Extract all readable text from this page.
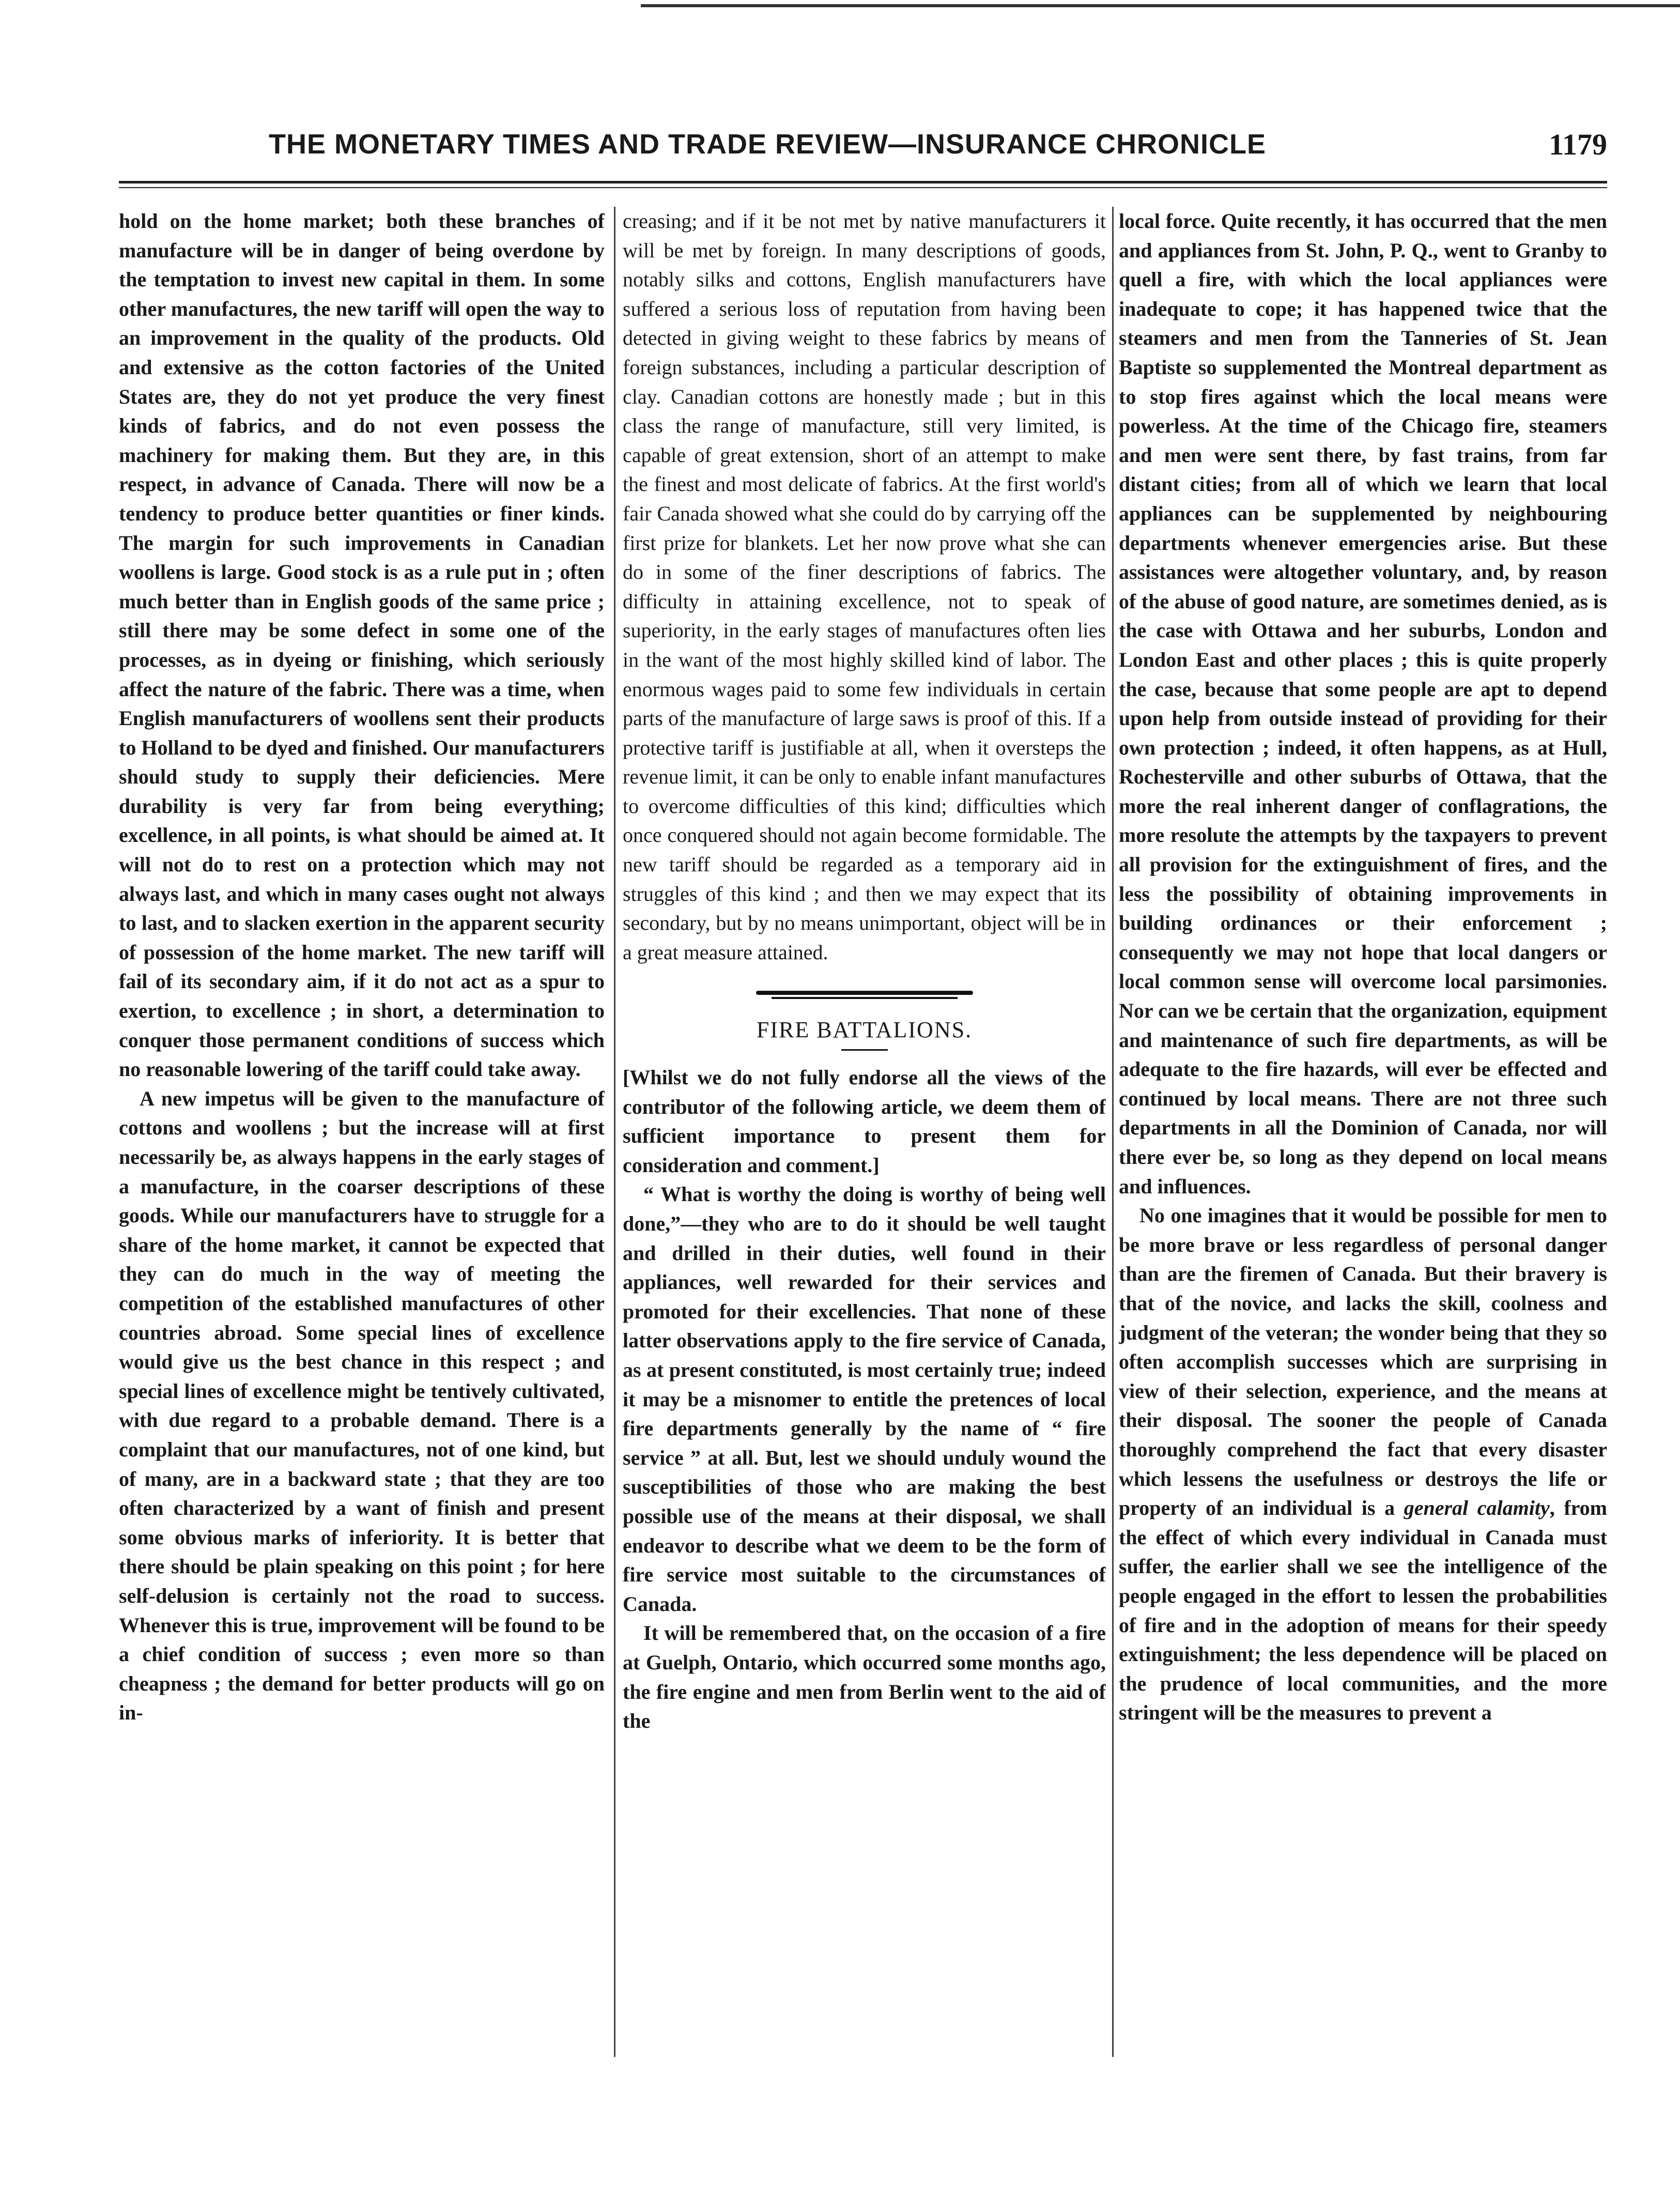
THE MONETARY TIMES AND TRADE REVIEW—INSURANCE CHRONICLE	1179

hold on the home market; both these branches of manufacture will be in danger of being overdone by the temptation to invest new capital in them. In some other manufactures, the new tariff will open the way to an improvement in the quality of the products. Old and extensive as the cotton factories of the United States are, they do not yet produce the very finest kinds of fabrics, and do not even possess the machinery for making them. But they are, in this respect, in advance of Canada. There will now be a tendency to produce better quantities or finer kinds. The margin for such improvements in Canadian woollens is large. Good stock is as a rule put in ; often much better than in English goods of the same price ; still there may be some defect in some one of the processes, as in dyeing or finishing, which seriously affect the nature of the fabric. There was a time, when English manufacturers of woollens sent their products to Holland to be dyed and finished. Our manufacturers should study to supply their deficiencies. Mere durability is very far from being everything; excellence, in all points, is what should be aimed at. It will not do to rest on a protection which may not always last, and which in many cases ought not always to last, and to slacken exertion in the apparent security of possession of the home market. The new tariff will fail of its secondary aim, if it do not act as a spur to exertion, to excellence ; in short, a determination to conquer those permanent conditions of success which no reasonable lowering of the tariff could take away.

A new impetus will be given to the manufacture of cottons and woollens ; but the increase will at first necessarily be, as always happens in the early stages of a manufacture, in the coarser descriptions of these goods. While our manufacturers have to struggle for a share of the home market, it cannot be expected that they can do much in the way of meeting the competition of the established manufactures of other countries abroad. Some special lines of excellence would give us the best chance in this respect ; and special lines of excellence might be tentively cultivated, with due regard to a probable demand. There is a complaint that our manufactures, not of one kind, but of many, are in a backward state ; that they are too often characterized by a want of finish and present some obvious marks of inferiority. It is better that there should be plain speaking on this point ; for here self-delusion is certainly not the road to success. Whenever this is true, improvement will be found to be a chief condition of success ; even more so than cheapness ; the demand for better products will go on in-

creasing; and if it be not met by native manufacturers it will be met by foreign. In many descriptions of goods, notably silks and cottons, English manufacturers have suffered a serious loss of reputation from having been detected in giving weight to these fabrics by means of foreign substances, including a particular description of clay. Canadian cottons are honestly made ; but in this class the range of manufacture, still very limited, is capable of great extension, short of an attempt to make the finest and most delicate of fabrics. At the first world's fair Canada showed what she could do by carrying off the first prize for blankets. Let her now prove what she can do in some of the finer descriptions of fabrics. The difficulty in attaining excellence, not to speak of superiority, in the early stages of manufactures often lies in the want of the most highly skilled kind of labor. The enormous wages paid to some few individuals in certain parts of the manufacture of large saws is proof of this. If a protective tariff is justifiable at all, when it oversteps the revenue limit, it can be only to enable infant manufactures to overcome difficulties of this kind; difficulties which once conquered should not again become formidable. The new tariff should be regarded as a temporary aid in struggles of this kind ; and then we may expect that its secondary, but by no means unimportant, object will be in a great measure attained.

FIRE BATTALIONS.

[Whilst we do not fully endorse all the views of the contributor of the following article, we deem them of sufficient importance to present them for consideration and comment.]

“ What is worthy the doing is worthy of being well done,”—they who are to do it should be well taught and drilled in their duties, well found in their appliances, well rewarded for their services and promoted for their excellencies. That none of these latter observations apply to the fire service of Canada, as at present constituted, is most certainly true; indeed it may be a misnomer to entitle the pretences of local fire departments generally by the name of “ fire service ” at all. But, lest we should unduly wound the susceptibilities of those who are making the best possible use of the means at their disposal, we shall endeavor to describe what we deem to be the form of fire service most suitable to the circumstances of Canada.

It will be remembered that, on the occasion of a fire at Guelph, Ontario, which occurred some months ago, the fire engine and men from Berlin went to the aid of the

local force. Quite recently, it has occurred that the men and appliances from St. John, P. Q., went to Granby to quell a fire, with which the local appliances were inadequate to cope; it has happened twice that the steamers and men from the Tanneries of St. Jean Baptiste so supplemented the Montreal department as to stop fires against which the local means were powerless. At the time of the Chicago fire, steamers and men were sent there, by fast trains, from far distant cities; from all of which we learn that local appliances can be supplemented by neighbouring departments whenever emergencies arise. But these assistances were altogether voluntary, and, by reason of the abuse of good nature, are sometimes denied, as is the case with Ottawa and her suburbs, London and London East and other places ; this is quite properly the case, because that some people are apt to depend upon help from outside instead of providing for their own protection ; indeed, it often happens, as at Hull, Rochesterville and other suburbs of Ottawa, that the more the real inherent danger of conflagrations, the more resolute the attempts by the taxpayers to prevent all provision for the extinguishment of fires, and the less the possibility of obtaining improvements in building ordinances or their enforcement ; consequently we may not hope that local dangers or local common sense will overcome local parsimonies. Nor can we be certain that the organization, equipment and maintenance of such fire departments, as will be adequate to the fire hazards, will ever be effected and continued by local means. There are not three such departments in all the Dominion of Canada, nor will there ever be, so long as they depend on local means and influences.

No one imagines that it would be possible for men to be more brave or less regardless of personal danger than are the firemen of Canada. But their bravery is that of the novice, and lacks the skill, coolness and judgment of the veteran; the wonder being that they so often accomplish successes which are surprising in view of their selection, experience, and the means at their disposal. The sooner the people of Canada thoroughly comprehend the fact that every disaster which lessens the usefulness or destroys the life or property of an individual is a general calamity, from the effect of which every individual in Canada must suffer, the earlier shall we see the intelligence of the people engaged in the effort to lessen the probabilities of fire and in the adoption of means for their speedy extinguishment; the less dependence will be placed on the prudence of local communities, and the more stringent will be the measures to prevent a
